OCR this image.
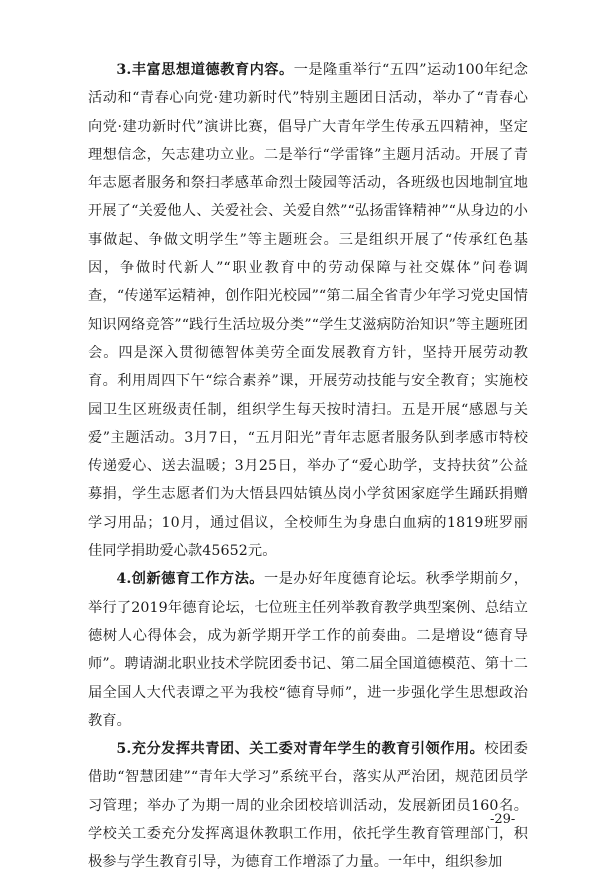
3.丰富思想道德教育内容。一是隆重举行“五四”运动100年纪念活动和“青春心向党·建功新时代”特别主题团日活动，举办了“青春心向党·建功新时代”演讲比赛，倡导广大青年学生传承五四精神，坚定理想信念，矢志建功立业。二是举行“学雷锋”主题月活动。开展了青年志愿者服务和祭扫孝感革命烈士陵园等活动，各班级也因地制宜地开展了“关爱他人、关爱社会、关爱自然”“弘扬雷锋精神”“从身边的小事做起、争做文明学生”等主题班会。三是组织开展了“传承红色基因，争做时代新人”“职业教育中的劳动保障与社交媒体”问卷调查，“传递军运精神，创作阳光校园”“第二届全省青少年学习党史国情知识网络竞答”“践行生活垃圾分类”“学生艾滋病防治知识”等主题班团会。四是深入贯彻德智体美劳全面发展教育方针，坚持开展劳动教育。利用周四下午“综合素养”课，开展劳动技能与安全教育；实施校园卫生区班级责任制，组织学生每天按时清扫。五是开展“感恩与关爱”主题活动。3月7日，“五月阳光”青年志愿者服务队到孝感市特校传递爱心、送去温暖；3月25日，举办了“爱心助学，支持扶贫”公益募捐，学生志愿者们为大悟县四姑镇丛岗小学贫困家庭学生踊跃捐赠学习用品；10月，通过倡议，全校师生为身患白血病的1819班罗丽佳同学捐助爱心款45652元。

4.创新德育工作方法。一是办好年度德育论坛。秋季学期前夕，举行了2019年德育论坛，七位班主任列举教育教学典型案例、总结立德树人心得体会，成为新学期开学工作的前奏曲。二是增设“德育导师”。聘请湖北职业技术学院团委书记、第二届全国道德模范、第十二届全国人大代表谭之平为我校“德育导师”，进一步强化学生思想政治教育。

5.充分发挥共青团、关工委对青年学生的教育引领作用。校团委借助“智慧团建”“青年大学习”系统平台，落实从严治团，规范团员学习管理；举办了为期一周的业余团校培训活动，发展新团员160名。学校关工委充分发挥离退休教职工作用，依托学生教育管理部门，积极参与学生教育引导，为德育工作增添了力量。一年中，组织参加

-29-
